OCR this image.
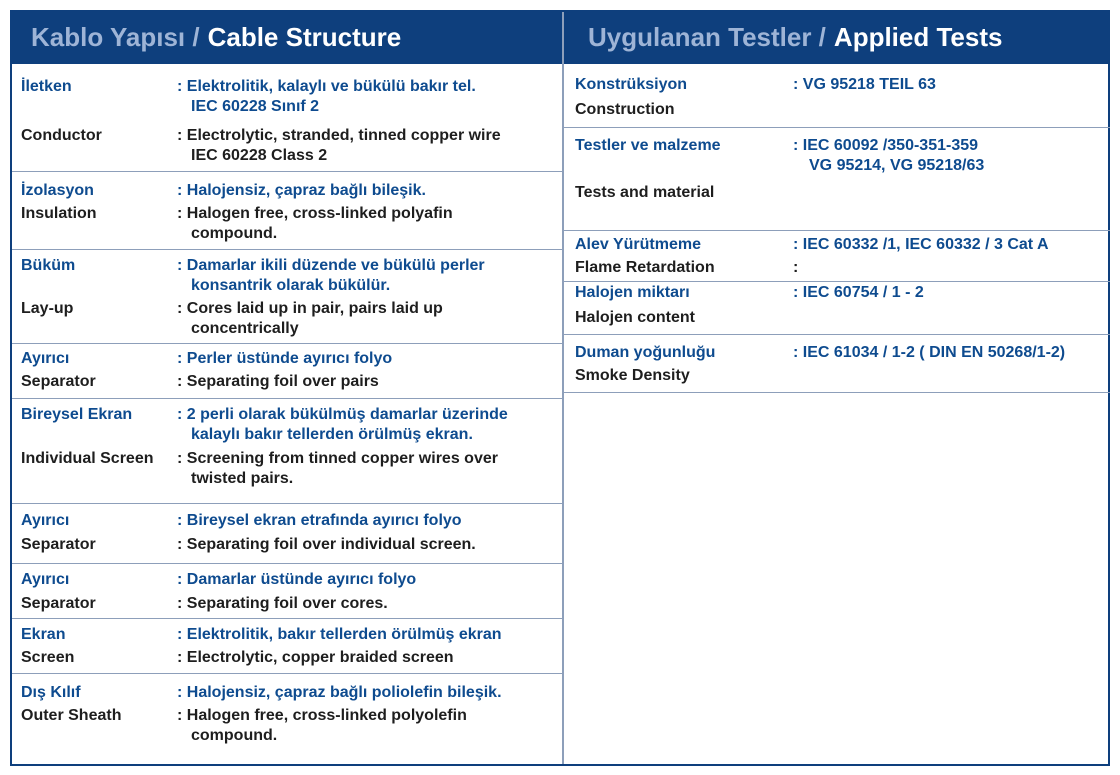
Kablo Yapısı / Cable Structure
İletken	: Elektrolitik, kalaylı ve bükülü bakır tel.
IEC 60228 Sınıf 2
Conductor	: Electrolytic, stranded, tinned copper wire
IEC 60228 Class 2
İzolasyon	: Halojensiz, çapraz bağlı bileşik.
Insulation	: Halogen free, cross-linked polyafin
compound.
Büküm	: Damarlar ikili düzende ve bükülü perler
konsantrik olarak bükülür.
Lay-up	: Cores laid up in pair, pairs laid up
concentrically
Ayırıcı	: Perler üstünde ayırıcı folyo
Separator	: Separating foil over pairs
Bireysel Ekran	: 2 perli olarak bükülmüş damarlar üzerinde
kalaylı bakır tellerden örülmüş ekran.
Individual Screen : Screening from tinned copper wires over
twisted pairs.
Ayırıcı	: Bireysel ekran etrafında ayırıcı folyo
Separator	: Separating foil over individual screen.
Ayırıcı	: Damarlar üstünde ayırıcı folyo
Separator	: Separating foil over cores.
Ekran	: Elektrolitik, bakır tellerden örülmüş ekran
Screen	: Electrolytic, copper braided screen
Dış Kılıf	: Halojensiz, çapraz bağlı poliolefin bileşik.
Outer Sheath	: Halogen free, cross-linked polyolefin
compound.
Uygulanan Testler / Applied Tests
Konstrüksiyon	: VG 95218 TEIL 63
Construction
Testler ve malzeme	: IEC 60092 /350-351-359
VG 95214, VG 95218/63
Tests and material
Alev Yürütmeme	: IEC 60332 /1, IEC 60332 / 3 Cat A
Flame Retardation	:
Halojen miktarı	: IEC 60754 / 1 - 2
Halojen content
Duman yoğunluğu	: IEC 61034 / 1-2 ( DIN EN 50268/1-2)
Smoke Density
